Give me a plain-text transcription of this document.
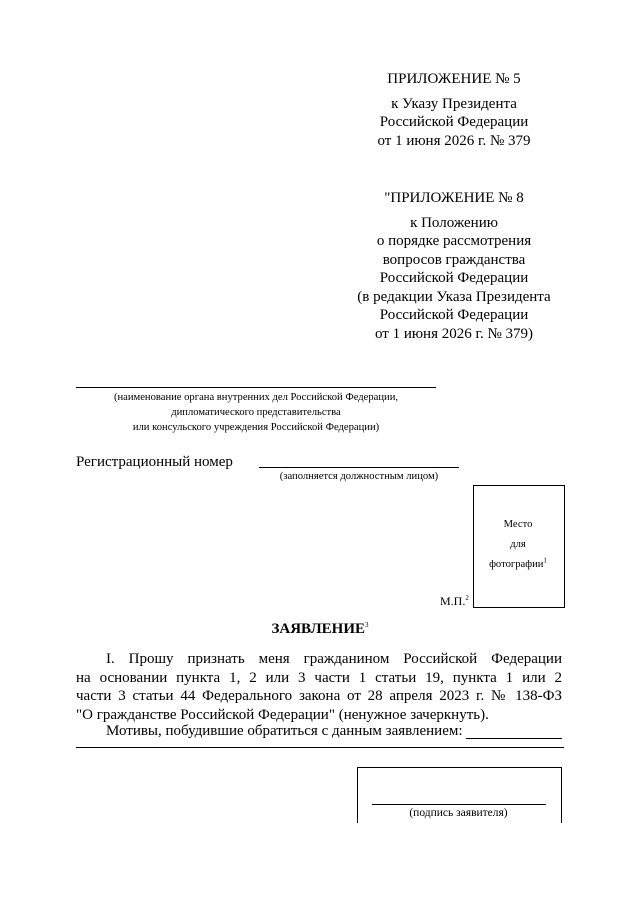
ПРИЛОЖЕНИЕ № 5
к Указу Президента
Российской Федерации
от 1 июня 2026 г. № 379
"ПРИЛОЖЕНИЕ № 8
к Положению
о порядке рассмотрения
вопросов гражданства
Российской Федерации
(в редакции Указа Президента
Российской Федерации
от 1 июня 2026 г. № 379)
(наименование органа внутренних дел Российской Федерации,
дипломатического представительства
или консульского учреждения Российской Федерации)
Регистрационный номер
(заполняется должностным лицом)
Место
для
фотографии$^1$
М.П.$^2$
ЗАЯВЛЕНИЕ$^3$
I. Прошу признать меня гражданином Российской Федерации
на основании пункта 1, 2 или 3 части 1 статьи 19, пункта 1 или 2
части 3 статьи 44 Федерального закона от 28 апреля 2023 г. № 138-ФЗ
"О гражданстве Российской Федерации" (ненужное зачеркнуть).
Мотивы, побудившие обратиться с данным заявлением:
(подпись заявителя)
